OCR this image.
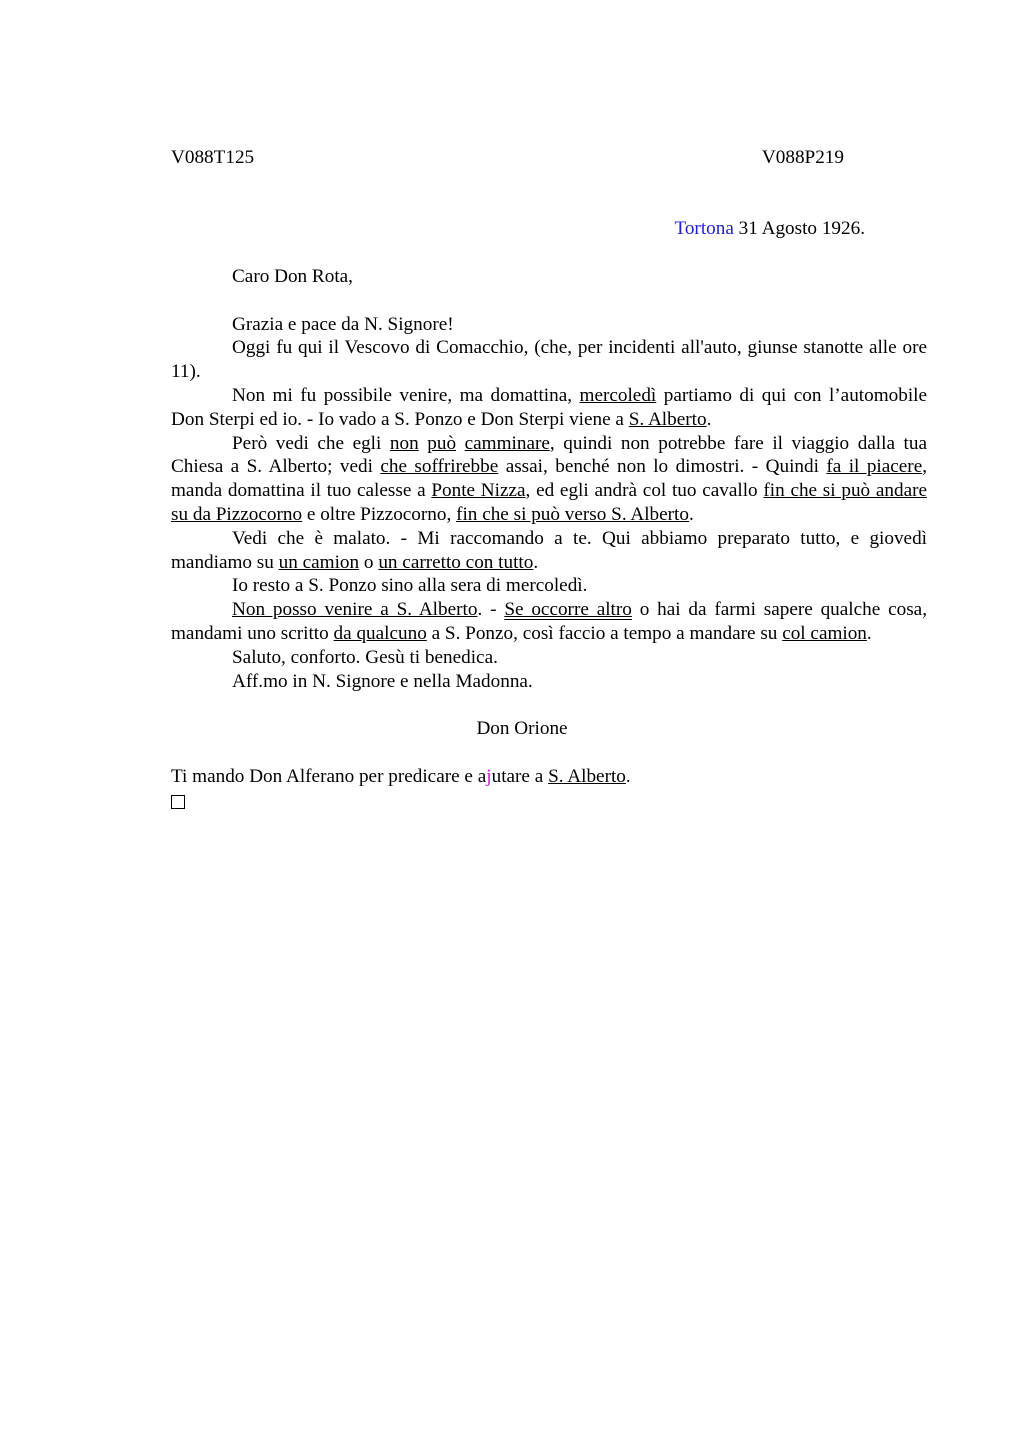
V088T125	V088P219
Tortona 31 Agosto 1926.

Caro Don Rota,

Grazia e pace da N. Signore!

Oggi fu qui il Vescovo di Comacchio, (che, per incidenti all'auto, giunse stanotte alle ore 11).

Non mi fu possibile venire, ma domattina, mercoledì partiamo di qui con l’automobile Don Sterpi ed io. - Io vado a S. Ponzo e Don Sterpi viene a S. Alberto.

Però vedi che egli non può camminare, quindi non potrebbe fare il viaggio dalla tua Chiesa a S. Alberto; vedi che soffrirebbe assai, benché non lo dimostri. - Quindi fa il piacere, manda domattina il tuo calesse a Ponte Nizza, ed egli andrà col tuo cavallo fin che si può andare su da Pizzocorno e oltre Pizzocorno, fin che si può verso S. Alberto.

Vedi che è malato. - Mi raccomando a te. Qui abbiamo preparato tutto, e giovedì mandiamo su un camion o un carretto con tutto.

Io resto a S. Ponzo sino alla sera di mercoledì.

Non posso venire a S. Alberto. - Se occorre altro o hai da farmi sapere qualche cosa, mandami uno scritto da qualcuno a S. Ponzo, così faccio a tempo a mandare su col camion.

Saluto, conforto. Gesù ti benedica.

Aff.mo in N. Signore e nella Madonna.

Don Orione

Ti mando Don Alferano per predicare e ajutare a S. Alberto.
